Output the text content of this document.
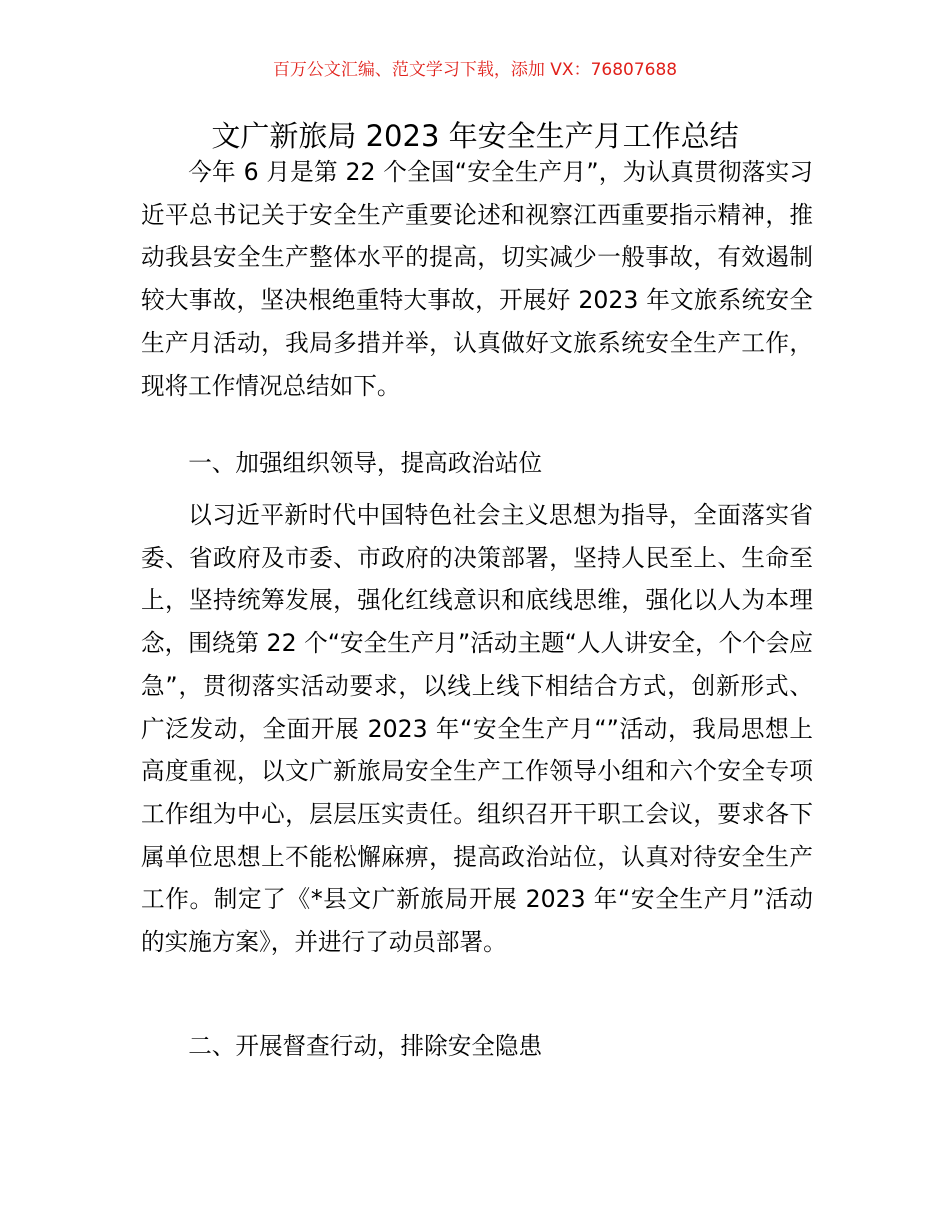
百万公文汇编、范文学习下载，添加 VX：76807688
文广新旅局 2023 年安全生产月工作总结

今年 6 月是第 22 个全国“安全生产月”，为认真贯彻落实习近平总书记关于安全生产重要论述和视察江西重要指示精神，推动我县安全生产整体水平的提高，切实减少一般事故，有效遏制较大事故，坚决根绝重特大事故，开展好 2023 年文旅系统安全生产月活动，我局多措并举，认真做好文旅系统安全生产工作，现将工作情况总结如下。

一、加强组织领导，提高政治站位

以习近平新时代中国特色社会主义思想为指导，全面落实省委、省政府及市委、市政府的决策部署，坚持人民至上、生命至上，坚持统筹发展，强化红线意识和底线思维，强化以人为本理念，围绕第 22 个“安全生产月”活动主题“人人讲安全，个个会应急”，贯彻落实活动要求，以线上线下相结合方式，创新形式、广泛发动，全面开展 2023 年“安全生产月“”活动，我局思想上高度重视，以文广新旅局安全生产工作领导小组和六个安全专项工作组为中心，层层压实责任。组织召开干职工会议，要求各下属单位思想上不能松懈麻痹，提高政治站位，认真对待安全生产工作。制定了《*县文广新旅局开展 2023 年“安全生产月”活动的实施方案》，并进行了动员部署。

二、开展督查行动，排除安全隐患
